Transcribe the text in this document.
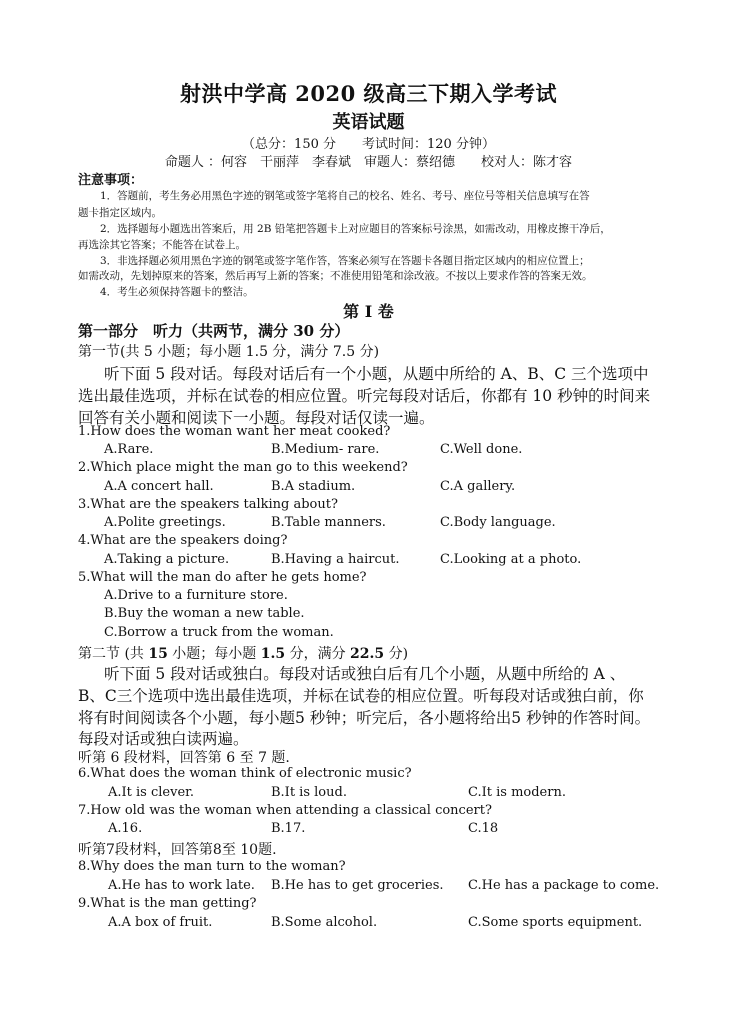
射洪中学高 2020 级高三下期入学考试
英语试题
（总分：150 分　　考试时间：120 分钟）
命题人 ：何容　干丽萍　李春斌　审题人：蔡绍德　　校对人：陈才容
注意事项：
1．答题前，考生务必用黑色字迹的钢笔或签字笔将自己的校名、姓名、考号、座位号等相关信息填写在答
题卡指定区域内。
2．选择题每小题选出答案后，用 2B 铅笔把答题卡上对应题目的答案标号涂黑，如需改动，用橡皮擦干净后，
再选涂其它答案；不能答在试卷上。
3．非选择题必须用黑色字迹的钢笔或签字笔作答，答案必须写在答题卡各题目指定区域内的相应位置上；
如需改动，先划掉原来的答案，然后再写上新的答案；不准使用铅笔和涂改液。不按以上要求作答的答案无效。
4．考生必须保持答题卡的整洁。
第 I 卷
第一部分　听力（共两节，满分 30 分）
第一节(共 5 小题；每小题 1.5 分，满分 7.5 分)
听下面 5 段对话。每段对话后有一个小题，从题中所给的 A、B、C 三个选项中
选出最佳选项，并标在试卷的相应位置。听完每段对话后，你都有 10 秒钟的时间来
回答有关小题和阅读下一小题。每段对话仅读一遍。
1.How does the woman want her meat cooked?
A.Rare.	B.Medium- rare.	C.Well done.
2.Which place might the man go to this weekend?
A.A concert hall.	B.A stadium.	C.A gallery.
3.What are the speakers talking about?
A.Polite greetings.	B.Table manners.	C.Body language.
4.What are the speakers doing?
A.Taking a picture.	B.Having a haircut.	C.Looking at a photo.
5.What will the man do after he gets home?
A.Drive to a furniture store.
B.Buy the woman a new table.
C.Borrow a truck from the woman.
第二节 (共 15 小题；每小题 1.5 分，满分 22.5 分)
听下面 5 段对话或独白。每段对话或独白后有几个小题，从题中所给的 A 、
B、C三个选项中选出最佳选项，并标在试卷的相应位置。听每段对话或独白前，你
将有时间阅读各个小题，每小题5 秒钟；听完后，各小题将给出5 秒钟的作答时间。
每段对话或独白读两遍。
听第 6 段材料，回答第 6 至 7 题.
6.What does the woman think of electronic music?
A.It is clever.	B.It is loud.	C.It is modern.
7.How old was the woman when attending a classical concert?
A.16.	B.17.	C.18
听第7段材料，回答第8至 10题.
8.Why does the man turn to the woman?
A.He has to work late. B.He has to get groceries. C.He has a package to come.
9.What is the man getting?
A.A box of fruit.	B.Some alcohol.	C.Some sports equipment.
